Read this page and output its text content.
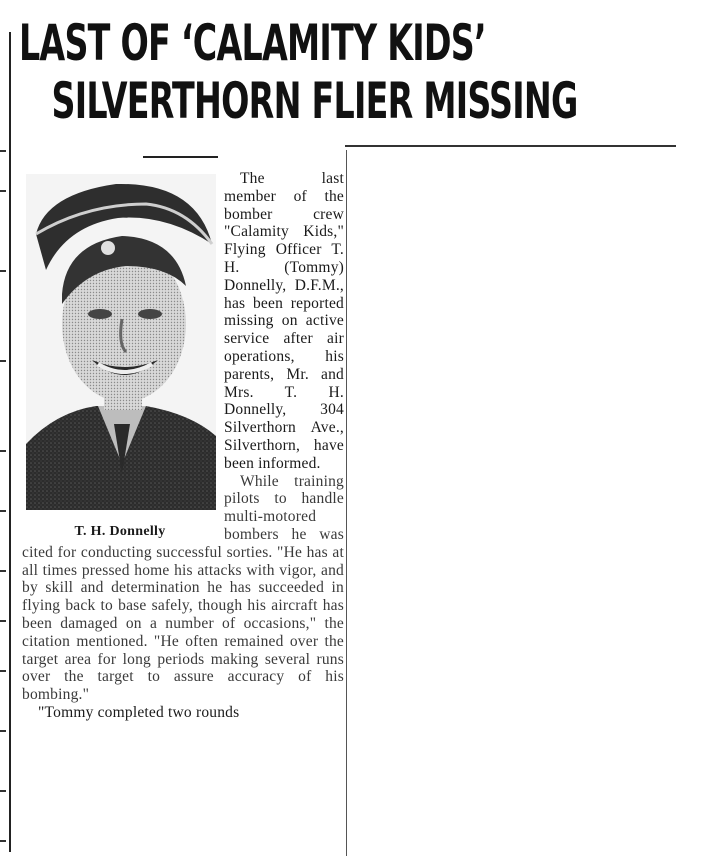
LAST OF ‘CALAMITY KIDS’
SILVERTHORN FLIER MISSING
T. H. Donnelly

The last member of the bomber crew "Calamity Kids," Flying Officer T. H. (Tommy) Donnelly, D.F.M., has been reported missing on active service after air operations, his parents, Mr. and Mrs. T. H. Donnelly, 304 Silverthorn Ave., Silverthorn, have been informed.

While training pilots to handle multi-motored bombers he was cited for conducting successful sorties. "He has at all times pressed home his attacks with vigor, and by skill and determination he has succeeded in flying back to base safely, though his aircraft has been damaged on a number of occasions," the citation mentioned. "He often remained over the target area for long periods making several runs over the target to assure accuracy of his bombing."

"Tommy completed two rounds
